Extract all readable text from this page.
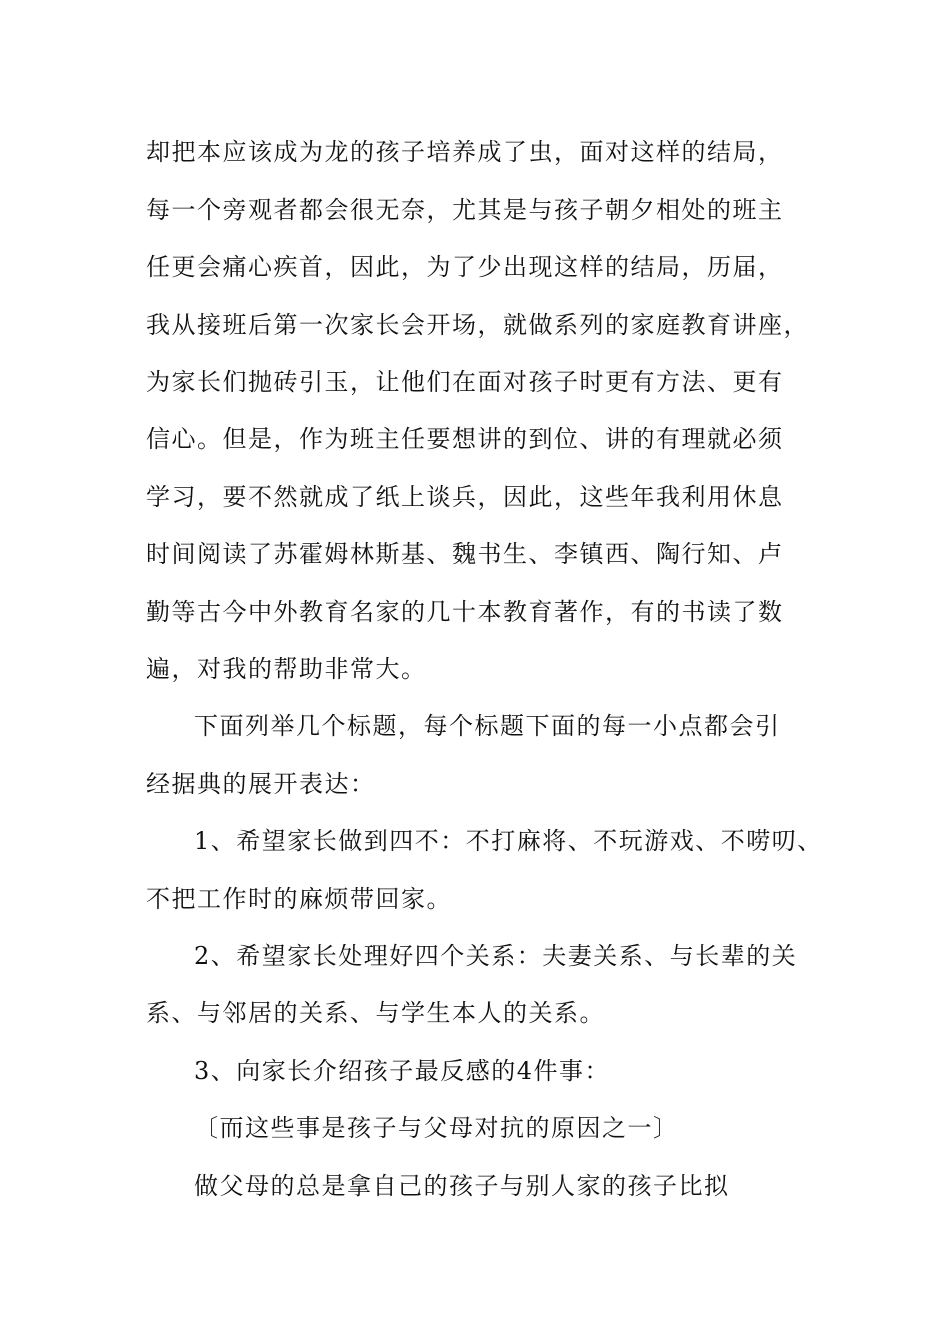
却把本应该成为龙的孩子培养成了虫，面对这样的结局，
每一个旁观者都会很无奈，尤其是与孩子朝夕相处的班主
任更会痛心疾首，因此，为了少出现这样的结局，历届，
我从接班后第一次家长会开场，就做系列的家庭教育讲座，
为家长们抛砖引玉，让他们在面对孩子时更有方法、更有
信心。但是，作为班主任要想讲的到位、讲的有理就必须
学习，要不然就成了纸上谈兵，因此，这些年我利用休息
时间阅读了苏霍姆林斯基、魏书生、李镇西、陶行知、卢
勤等古今中外教育名家的几十本教育著作，有的书读了数
遍，对我的帮助非常大。
下面列举几个标题，每个标题下面的每一小点都会引
经据典的展开表达：
1、希望家长做到四不：不打麻将、不玩游戏、不唠叨、
不把工作时的麻烦带回家。
2、希望家长处理好四个关系：夫妻关系、与长辈的关
系、与邻居的关系、与学生本人的关系。
3、向家长介绍孩子最反感的4件事：
〔而这些事是孩子与父母对抗的原因之一〕
做父母的总是拿自己的孩子与别人家的孩子比拟
